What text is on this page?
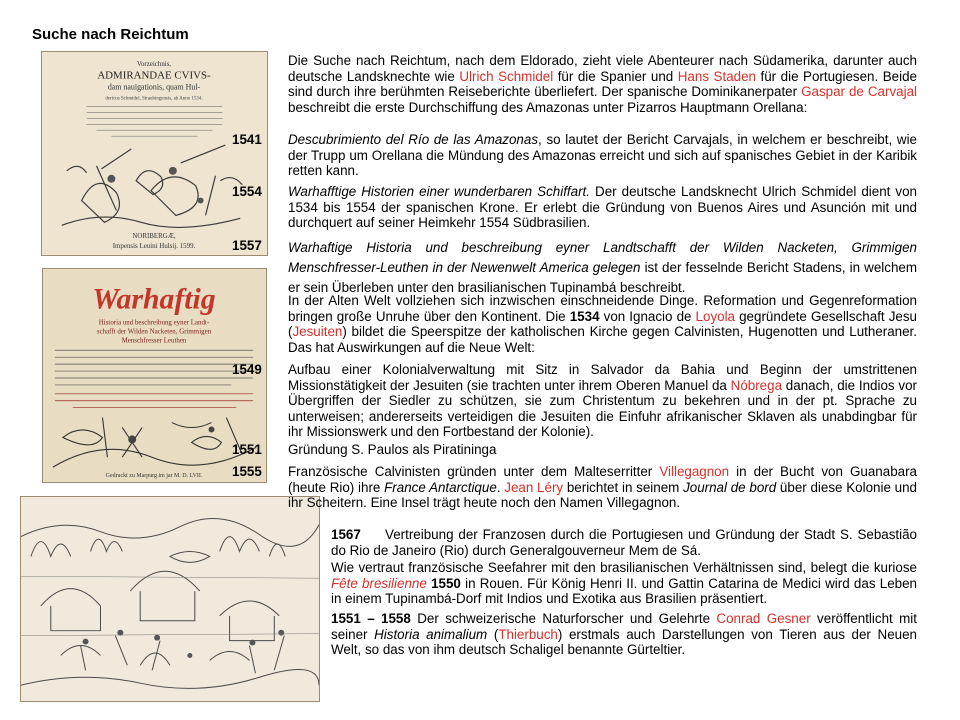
Suche nach Reichtum
Vorzeichnis,
ADMIRANDAE CVIVS-
dam nauigationis, quam Hul-
dericus Schmidel, Straubingensis, ab Anno 1534.
NORIBERGÆ,
Impensis Leuini Hulsij. 1599.
Warhaftig
Historia und beschreibung eyner Landt-
schafft der Wilden Nacketen, Grimmigen
Menschfresser Leuthen
Gedruckt zu Marpurg im jar M. D. LVII.
Die Suche nach Reichtum, nach dem Eldorado, zieht viele Abenteurer nach Südamerika, darunter auch deutsche Landsknechte wie Ulrich Schmidel für die Spanier und Hans Staden für die Portugiesen. Beide sind durch ihre berühmten Reiseberichte überliefert. Der spanische Dominikanerpater Gaspar de Carvajal beschreibt die erste Durchschiffung des Amazonas unter Pizarros Hauptmann Orellana:
1541 Descubrimiento del Río de las Amazonas, so lautet der Bericht Carvajals, in welchem er beschreibt, wie der Trupp um Orellana die Mündung des Amazonas erreicht und sich auf spanisches Gebiet in der Karibik retten kann.
1554 Warhafftige Historien einer wunderbaren Schiffart. Der deutsche Landsknecht Ulrich Schmidel dient von 1534 bis 1554 der spanischen Krone. Er erlebt die Gründung von Buenos Aires und Asunción mit und durchquert auf seiner Heimkehr 1554 Südbrasilien.
1557 Warhaftige Historia und beschreibung eyner Landtschafft der Wilden Nacketen, Grimmigen Menschfresser-Leuthen in der Newenwelt America gelegen ist der fesselnde Bericht Stadens, in welchem er sein Überleben unter den brasilianischen Tupinambá beschreibt.
In der Alten Welt vollziehen sich inzwischen einschneidende Dinge. Reformation und Gegenreformation bringen große Unruhe über den Kontinent. Die 1534 von Ignacio de Loyola gegründete Gesellschaft Jesu (Jesuiten) bildet die Speerspitze der katholischen Kirche gegen Calvinisten, Hugenotten und Lutheraner. Das hat Auswirkungen auf die Neue Welt:
1549 Aufbau einer Kolonialverwaltung mit Sitz in Salvador da Bahia und Beginn der umstrittenen Missionstätigkeit der Jesuiten (sie trachten unter ihrem Oberen Manuel da Nóbrega danach, die Indios vor Übergriffen der Siedler zu schützen, sie zum Christentum zu bekehren und in der pt. Sprache zu unterweisen; andererseits verteidigen die Jesuiten die Einfuhr afrikanischer Sklaven als unabdingbar für ihr Missionswerk und den Fortbestand der Kolonie).
1551 Gründung S. Paulos als Piratininga
1555 Französische Calvinisten gründen unter dem Malteserritter Villegagnon in der Bucht von Guanabara (heute Rio) ihre France Antarctique. Jean Léry berichtet in seinem Journal de bord über diese Kolonie und ihr Scheitern. Eine Insel trägt heute noch den Namen Villegagnon.
1567 Vertreibung der Franzosen durch die Portugiesen und Gründung der Stadt S. Sebastião do Rio de Janeiro (Rio) durch Generalgouverneur Mem de Sá.
Wie vertraut französische Seefahrer mit den brasilianischen Verhältnissen sind, belegt die kuriose Fête bresilienne 1550 in Rouen. Für König Henri II. und Gattin Catarina de Medici wird das Leben in einem Tupinambá-Dorf mit Indios und Exotika aus Brasilien präsentiert.
1551 – 1558 Der schweizerische Naturforscher und Gelehrte Conrad Gesner veröffentlicht mit seiner Historia animalium (Thierbuch) erstmals auch Darstellungen von Tieren aus der Neuen Welt, so das von ihm deutsch Schaligel benannte Gürteltier.
